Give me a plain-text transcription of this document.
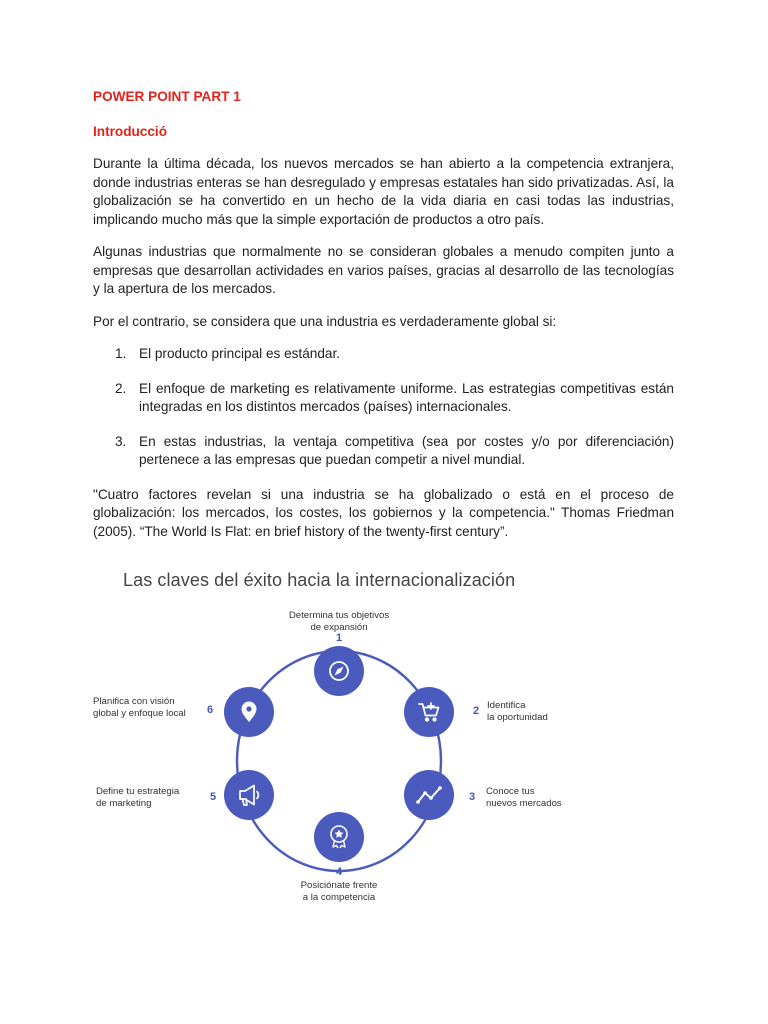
POWER POINT PART 1

Introducció

Durante la última década, los nuevos mercados se han abierto a la competencia extranjera, donde industrias enteras se han desregulado y empresas estatales han sido privatizadas. Así, la globalización se ha convertido en un hecho de la vida diaria en casi todas las industrias, implicando mucho más que la simple exportación de productos a otro país.

Algunas industrias que normalmente no se consideran globales a menudo compiten junto a empresas que desarrollan actividades en varios países, gracias al desarrollo de las tecnologías y la apertura de los mercados.

Por el contrario, se considera que una industria es verdaderamente global si:

1. El producto principal es estándar.
2. El enfoque de marketing es relativamente uniforme. Las estrategias competitivas están integradas en los distintos mercados (países) internacionales.
3. En estas industrias, la ventaja competitiva (sea por costes y/o por diferenciación) pertenece a las empresas que puedan competir a nivel mundial.

"Cuatro factores revelan si una industria se ha globalizado o está en el proceso de globalización: los mercados, los costes, los gobiernos y la competencia." Thomas Friedman (2005). “The World Is Flat: en brief history of the twenty-first century”.

Las claves del éxito hacia la internacionalización
Determina tus objetivos
de expansión
1
2 Identifica
la oportunidad
3 Conoce tus
nuevos mercados
4
Posiciónate frente
a la competencia
Define tu estrategia
de marketing	5
Planifica con visión
global y enfoque local	6
